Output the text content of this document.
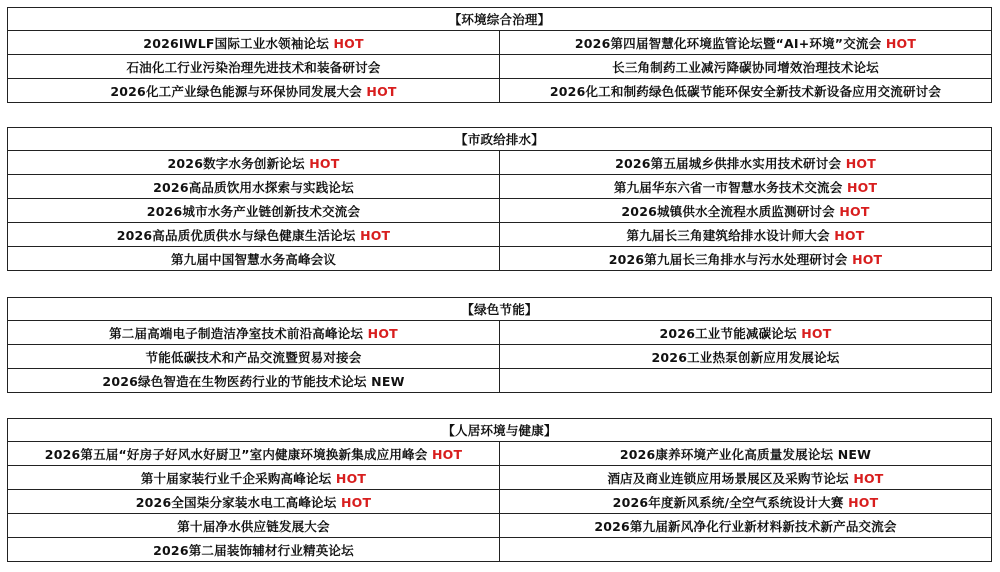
【环境综合治理】	
2026IWLF国际工业水领袖论坛 HOT	2026第四届智慧化环境监管论坛暨“AI+环境”交流会 HOT
石油化工行业污染治理先进技术和装备研讨会	长三角制药工业减污降碳协同增效治理技术论坛
2026化工产业绿色能源与环保协同发展大会 HOT	2026化工和制药绿色低碳节能环保安全新技术新设备应用交流研讨会
【市政给排水】	
2026数字水务创新论坛 HOT	2026第五届城乡供排水实用技术研讨会 HOT
2026高品质饮用水探索与实践论坛	第九届华东六省一市智慧水务技术交流会 HOT
2026城市水务产业链创新技术交流会	2026城镇供水全流程水质监测研讨会 HOT
2026高品质优质供水与绿色健康生活论坛 HOT	第九届长三角建筑给排水设计师大会 HOT
第九届中国智慧水务高峰会议	2026第九届长三角排水与污水处理研讨会 HOT
【绿色节能】	
第二届高端电子制造洁净室技术前沿高峰论坛 HOT	2026工业节能减碳论坛 HOT
节能低碳技术和产品交流暨贸易对接会	2026工业热泵创新应用发展论坛
2026绿色智造在生物医药行业的节能技术论坛 NEW	
【人居环境与健康】	
2026第五届“好房子好风水好厨卫”室内健康环境换新集成应用峰会 HOT	2026康养环境产业化高质量发展论坛 NEW
第十届家装行业千企采购高峰论坛 HOT	酒店及商业连锁应用场景展区及采购节论坛 HOT
2026全国柒分家装水电工高峰论坛 HOT	2026年度新风系统/全空气系统设计大赛 HOT
第十届净水供应链发展大会	2026第九届新风净化行业新材料新技术新产品交流会
2026第二届装饰辅材行业精英论坛	
